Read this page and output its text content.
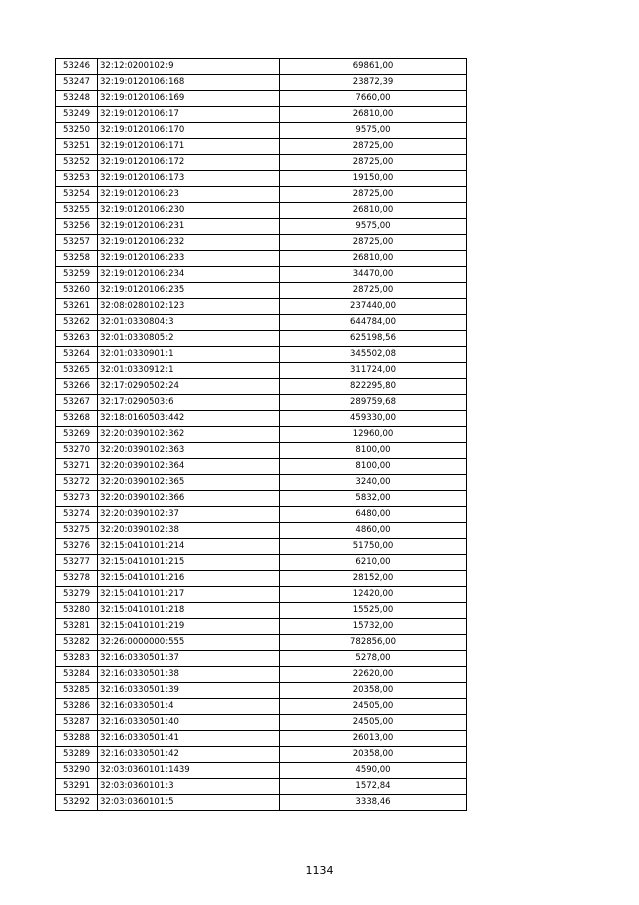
53246	32:12:0200102:9	69861,00
53247	32:19:0120106:168	23872,39
53248	32:19:0120106:169	7660,00
53249	32:19:0120106:17	26810,00
53250	32:19:0120106:170	9575,00
53251	32:19:0120106:171	28725,00
53252	32:19:0120106:172	28725,00
53253	32:19:0120106:173	19150,00
53254	32:19:0120106:23	28725,00
53255	32:19:0120106:230	26810,00
53256	32:19:0120106:231	9575,00
53257	32:19:0120106:232	28725,00
53258	32:19:0120106:233	26810,00
53259	32:19:0120106:234	34470,00
53260	32:19:0120106:235	28725,00
53261	32:08:0280102:123	237440,00
53262	32:01:0330804:3	644784,00
53263	32:01:0330805:2	625198,56
53264	32:01:0330901:1	345502,08
53265	32:01:0330912:1	311724,00
53266	32:17:0290502:24	822295,80
53267	32:17:0290503:6	289759,68
53268	32:18:0160503:442	459330,00
53269	32:20:0390102:362	12960,00
53270	32:20:0390102:363	8100,00
53271	32:20:0390102:364	8100,00
53272	32:20:0390102:365	3240,00
53273	32:20:0390102:366	5832,00
53274	32:20:0390102:37	6480,00
53275	32:20:0390102:38	4860,00
53276	32:15:0410101:214	51750,00
53277	32:15:0410101:215	6210,00
53278	32:15:0410101:216	28152,00
53279	32:15:0410101:217	12420,00
53280	32:15:0410101:218	15525,00
53281	32:15:0410101:219	15732,00
53282	32:26:0000000:555	782856,00
53283	32:16:0330501:37	5278,00
53284	32:16:0330501:38	22620,00
53285	32:16:0330501:39	20358,00
53286	32:16:0330501:4	24505,00
53287	32:16:0330501:40	24505,00
53288	32:16:0330501:41	26013,00
53289	32:16:0330501:42	20358,00
53290	32:03:0360101:1439	4590,00
53291	32:03:0360101:3	1572,84
53292	32:03:0360101:5	3338,46
1134
